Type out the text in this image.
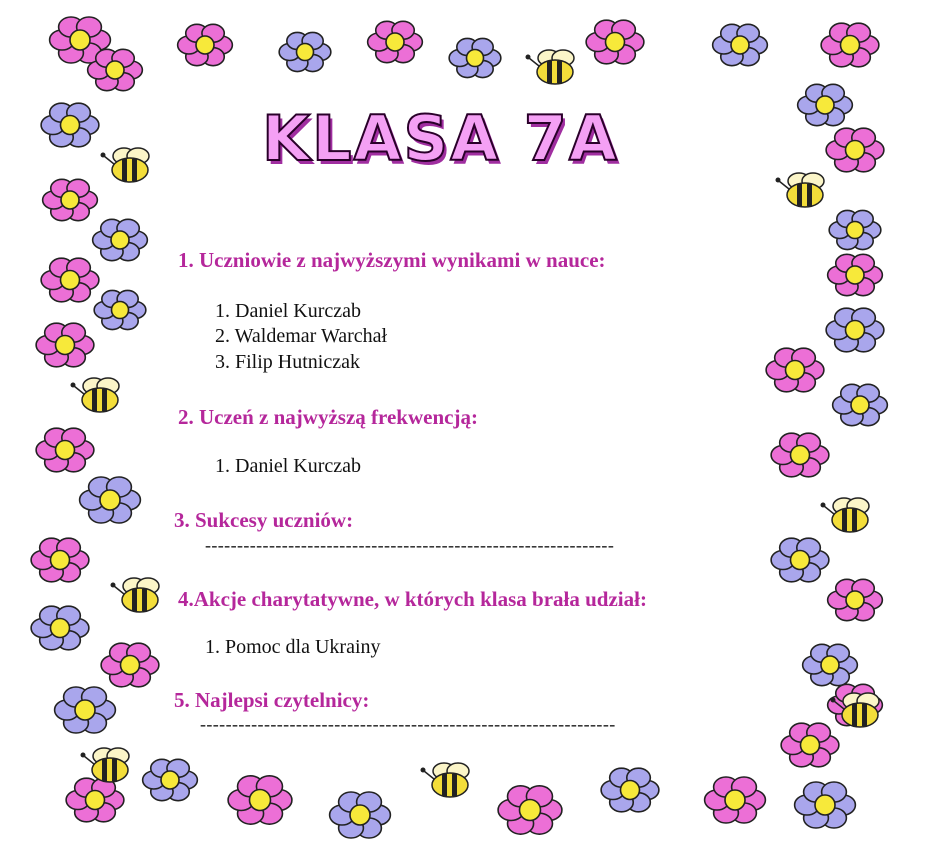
KLASA 7A
1. Uczniowie z najwyższymi wynikami w nauce:
1. Daniel Kurczab
2. Waldemar Warchał
3. Filip Hutniczak
2. Uczeń z najwyższą frekwencją:
1. Daniel Kurczab
3. Sukcesy uczniów:
----------------------------------------------------------------
4.Akcje charytatywne, w których klasa brała udział:
1. Pomoc dla Ukrainy
5. Najlepsi czytelnicy:
-----------------------------------------------------------------
